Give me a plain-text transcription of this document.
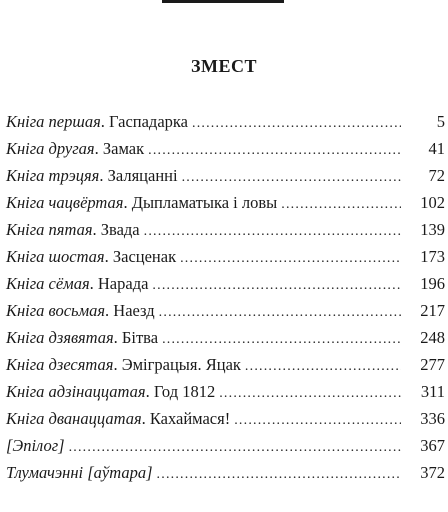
ЗМЕСТ
Кніга першая. Гаспадарка .....	5
Кніга другая. Замак .....	41
Кніга трэцяя. Заляцанні .....	72
Кніга чацвёртая. Дыпламатыка і ловы .....	102
Кніга пятая. Звада .....	139
Кніга шостая. Засценак .....	173
Кніга сёмая. Нарада .....	196
Кніга восьмая. Наезд .....	217
Кніга дзявятая. Бітва .....	248
Кніга дзесятая. Эміграцыя. Яцак .....	277
Кніга адзінаццатая. Год 1812 .....	311
Кніга дванаццатая. Кахаймася! .....	336
[Эпілог] .....	367
Тлумачэнні [аўтара] .....	372
